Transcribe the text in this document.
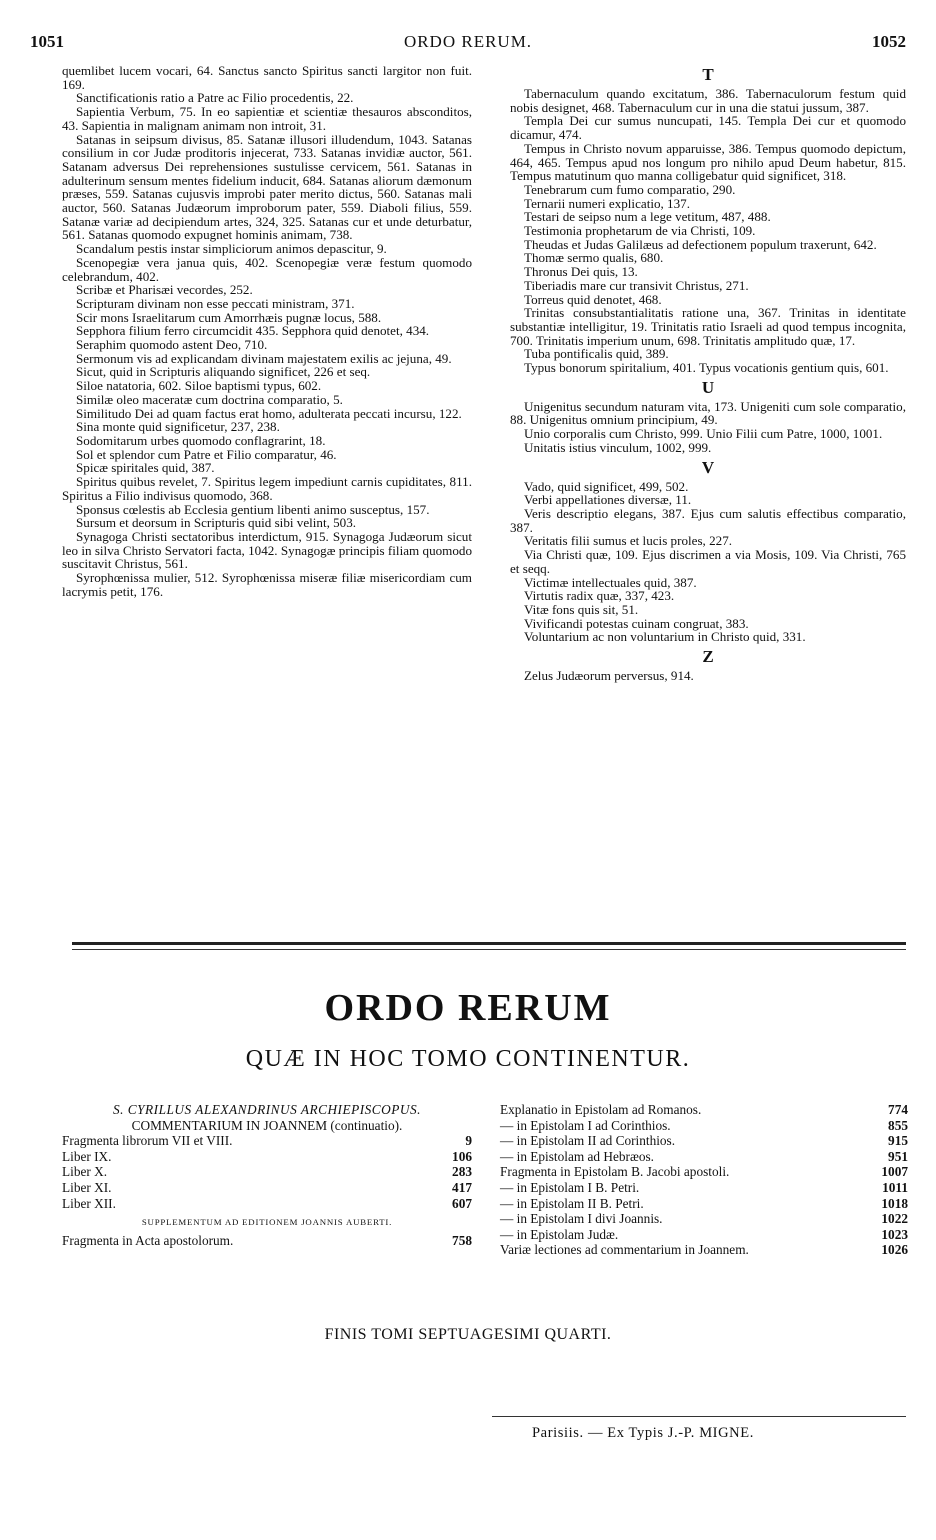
1051	ORDO RERUM.	1052

quemlibet lucem vocari, 64. Sanctus sancto Spiritus sancti largitor non fuit. 169.

Sanctificationis ratio a Patre ac Filio procedentis, 22.

Sapientia Verbum, 75. In eo sapientiæ et scientiæ thesauros absconditos, 43. Sapientia in malignam animam non introit, 31.

Satanas in seipsum divisus, 85. Satanæ illusori illudendum, 1043. Satanas consilium in cor Judæ proditoris injecerat, 733. Satanas invidiæ auctor, 561. Satanam adversus Dei reprehensiones sustulisse cervicem, 561. Satanas in adulterinum sensum mentes fidelium inducit, 684. Satanas aliorum dæmonum præses, 559. Satanas cujusvis improbi pater merito dictus, 560. Satanas mali auctor, 560. Satanas Judæorum improborum pater, 559. Diaboli filius, 559. Satanæ variæ ad decipiendum artes, 324, 325. Satanas cur et unde deturbatur, 561. Satanas quomodo expugnet hominis animam, 738.

Scandalum pestis instar simpliciorum animos depascitur, 9.

Scenopegiæ vera janua quis, 402. Scenopegiæ veræ festum quomodo celebrandum, 402.

Scribæ et Pharisæi vecordes, 252.

Scripturam divinam non esse peccati ministram, 371.

Scir mons Israelitarum cum Amorrhæis pugnæ locus, 588.

Sepphora filium ferro circumcidit 435. Sepphora quid denotet, 434.

Seraphim quomodo astent Deo, 710.

Sermonum vis ad explicandam divinam majestatem exilis ac jejuna, 49.

Sicut, quid in Scripturis aliquando significet, 226 et seq.

Siloe natatoria, 602. Siloe baptismi typus, 602.

Similæ oleo maceratæ cum doctrina comparatio, 5.

Similitudo Dei ad quam factus erat homo, adulterata peccati incursu, 122.

Sina monte quid significetur, 237, 238.

Sodomitarum urbes quomodo conflagrarint, 18.

Sol et splendor cum Patre et Filio comparatur, 46.

Spicæ spiritales quid, 387.

Spiritus quibus revelet, 7. Spiritus legem impediunt carnis cupiditates, 811. Spiritus a Filio indivisus quomodo, 368.

Sponsus cœlestis ab Ecclesia gentium libenti animo susceptus, 157.

Sursum et deorsum in Scripturis quid sibi velint, 503.

Synagoga Christi sectatoribus interdictum, 915. Synagoga Judæorum sicut leo in silva Christo Servatori facta, 1042. Synagogæ principis filiam quomodo suscitavit Christus, 561.

Syrophœnissa mulier, 512. Syrophœnissa miseræ filiæ misericordiam cum lacrymis petit, 176.

T

Tabernaculum quando excitatum, 386. Tabernaculorum festum quid nobis designet, 468. Tabernaculum cur in una die statui jussum, 387.

Templa Dei cur sumus nuncupati, 145. Templa Dei cur et quomodo dicamur, 474.

Tempus in Christo novum apparuisse, 386. Tempus quomodo depictum, 464, 465. Tempus apud nos longum pro nihilo apud Deum habetur, 815. Tempus matutinum quo manna colligebatur quid significet, 318.

Tenebrarum cum fumo comparatio, 290.

Ternarii numeri explicatio, 137.

Testari de seipso num a lege vetitum, 487, 488.

Testimonia prophetarum de via Christi, 109.

Theudas et Judas Galilæus ad defectionem populum traxerunt, 642.

Thomæ sermo qualis, 680.

Thronus Dei quis, 13.

Tiberiadis mare cur transivit Christus, 271.

Torreus quid denotet, 468.

Trinitas consubstantialitatis ratione una, 367. Trinitas in identitate substantiæ intelligitur, 19. Trinitatis ratio Israeli ad quod tempus incognita, 700. Trinitatis imperium unum, 698. Trinitatis amplitudo quæ, 17.

Tuba pontificalis quid, 389.

Typus bonorum spiritalium, 401. Typus vocationis gentium quis, 601.

U

Unigenitus secundum naturam vita, 173. Unigeniti cum sole comparatio, 88. Unigenitus omnium principium, 49.

Unio corporalis cum Christo, 999. Unio Filii cum Patre, 1000, 1001.

Unitatis istius vinculum, 1002, 999.

V

Vado, quid significet, 499, 502.

Verbi appellationes diversæ, 11.

Veris descriptio elegans, 387. Ejus cum salutis effectibus comparatio, 387.

Veritatis filii sumus et lucis proles, 227.

Via Christi quæ, 109. Ejus discrimen a via Mosis, 109. Via Christi, 765 et seqq.

Victimæ intellectuales quid, 387.

Virtutis radix quæ, 337, 423.

Vitæ fons quis sit, 51.

Vivificandi potestas cuinam congruat, 383.

Voluntarium ac non voluntarium in Christo quid, 331.

Z

Zelus Judæorum perversus, 914.

ORDO RERUM
QUÆ IN HOC TOMO CONTINENTUR.
S. CYRILLUS ALEXANDRINUS ARCHIEPISCOPUS.
COMMENTARIUM IN JOANNEM (continuatio).
Fragmenta librorum VII et VIII.	9
Liber IX.	106
Liber X.	283
Liber XI.	417
Liber XII.	607
SUPPLEMENTUM AD EDITIONEM JOANNIS AUBERTI.
Fragmenta in Acta apostolorum.	758
Explanatio in Epistolam ad Romanos.	774
— in Epistolam I ad Corinthios.	855
— in Epistolam II ad Corinthios.	915
— in Epistolam ad Hebræos.	951
Fragmenta in Epistolam B. Jacobi apostoli.	1007
— in Epistolam I B. Petri.	1011
— in Epistolam II B. Petri.	1018
— in Epistolam I divi Joannis.	1022
— in Epistolam Judæ.	1023
Variæ lectiones ad commentarium in Joannem.	1026
FINIS TOMI SEPTUAGESIMI QUARTI.
Parisiis. — Ex Typis J.-P. MIGNE.
